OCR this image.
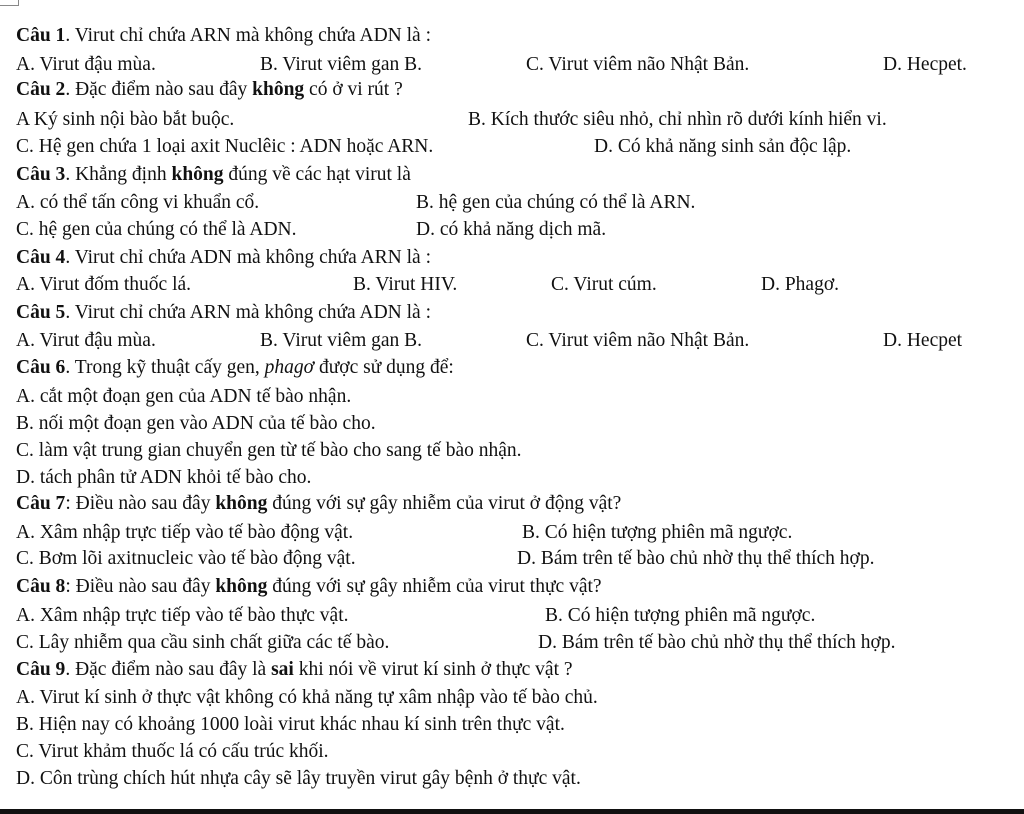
Câu 1. Virut chỉ chứa ARN mà không chứa ADN là :
A. Virut đậu mùa.	B. Virut viêm gan B.	C. Virut viêm não Nhật Bản.	D. Hecpet.
Câu 2. Đặc điểm nào sau đây không có ở vi rút ?
A Ký sinh nội bào bắt buộc.	B. Kích thước siêu nhỏ, chỉ nhìn rõ dưới kính hiển vi.
C. Hệ gen chứa 1 loại axit Nuclêic : ADN hoặc ARN.	D. Có khả năng sinh sản độc lập.
Câu 3. Khẳng định không đúng về các hạt virut là
A. có thể tấn công vi khuẩn cổ.	B. hệ gen của chúng có thể là ARN.
C. hệ gen của chúng có thể là ADN.	D. có khả năng dịch mã.
Câu 4. Virut chỉ chứa ADN mà không chứa ARN là :
A. Virut đốm thuốc lá.	B. Virut HIV.	C. Virut cúm.	D. Phagơ.
Câu 5. Virut chỉ chứa ARN mà không chứa ADN là :
A. Virut đậu mùa.	B. Virut viêm gan B.	C. Virut viêm não Nhật Bản.	D. Hecpet
Câu 6. Trong kỹ thuật cấy gen, phagơ được sử dụng để:
A. cắt một đoạn gen của ADN tế bào nhận.
B. nối một đoạn gen vào ADN của tế bào cho.
C. làm vật trung gian chuyển gen từ tế bào cho sang tế bào nhận.
D. tách phân tử ADN khỏi tế bào cho.
Câu 7: Điều nào sau đây không đúng với sự gây nhiễm của virut ở động vật?
A. Xâm nhập trực tiếp vào tế bào động vật.	B. Có hiện tượng phiên mã ngược.
C. Bơm lõi axitnucleic vào tế bào động vật.	D. Bám trên tế bào chủ nhờ thụ thể thích hợp.
Câu 8: Điều nào sau đây không đúng với sự gây nhiễm của virut thực vật?
A. Xâm nhập trực tiếp vào tế bào thực vật.	B. Có hiện tượng phiên mã ngược.
C. Lây nhiễm qua cầu sinh chất giữa các tế bào.	D. Bám trên tế bào chủ nhờ thụ thể thích hợp.
Câu 9. Đặc điểm nào sau đây là sai khi nói về virut kí sinh ở thực vật ?
A. Virut kí sinh ở thực vật không có khả năng tự xâm nhập vào tế bào chủ.
B. Hiện nay có khoảng 1000 loài virut khác nhau kí sinh trên thực vật.
C. Virut khảm thuốc lá có cấu trúc khối.
D. Côn trùng chích hút nhựa cây sẽ lây truyền virut gây bệnh ở thực vật.
